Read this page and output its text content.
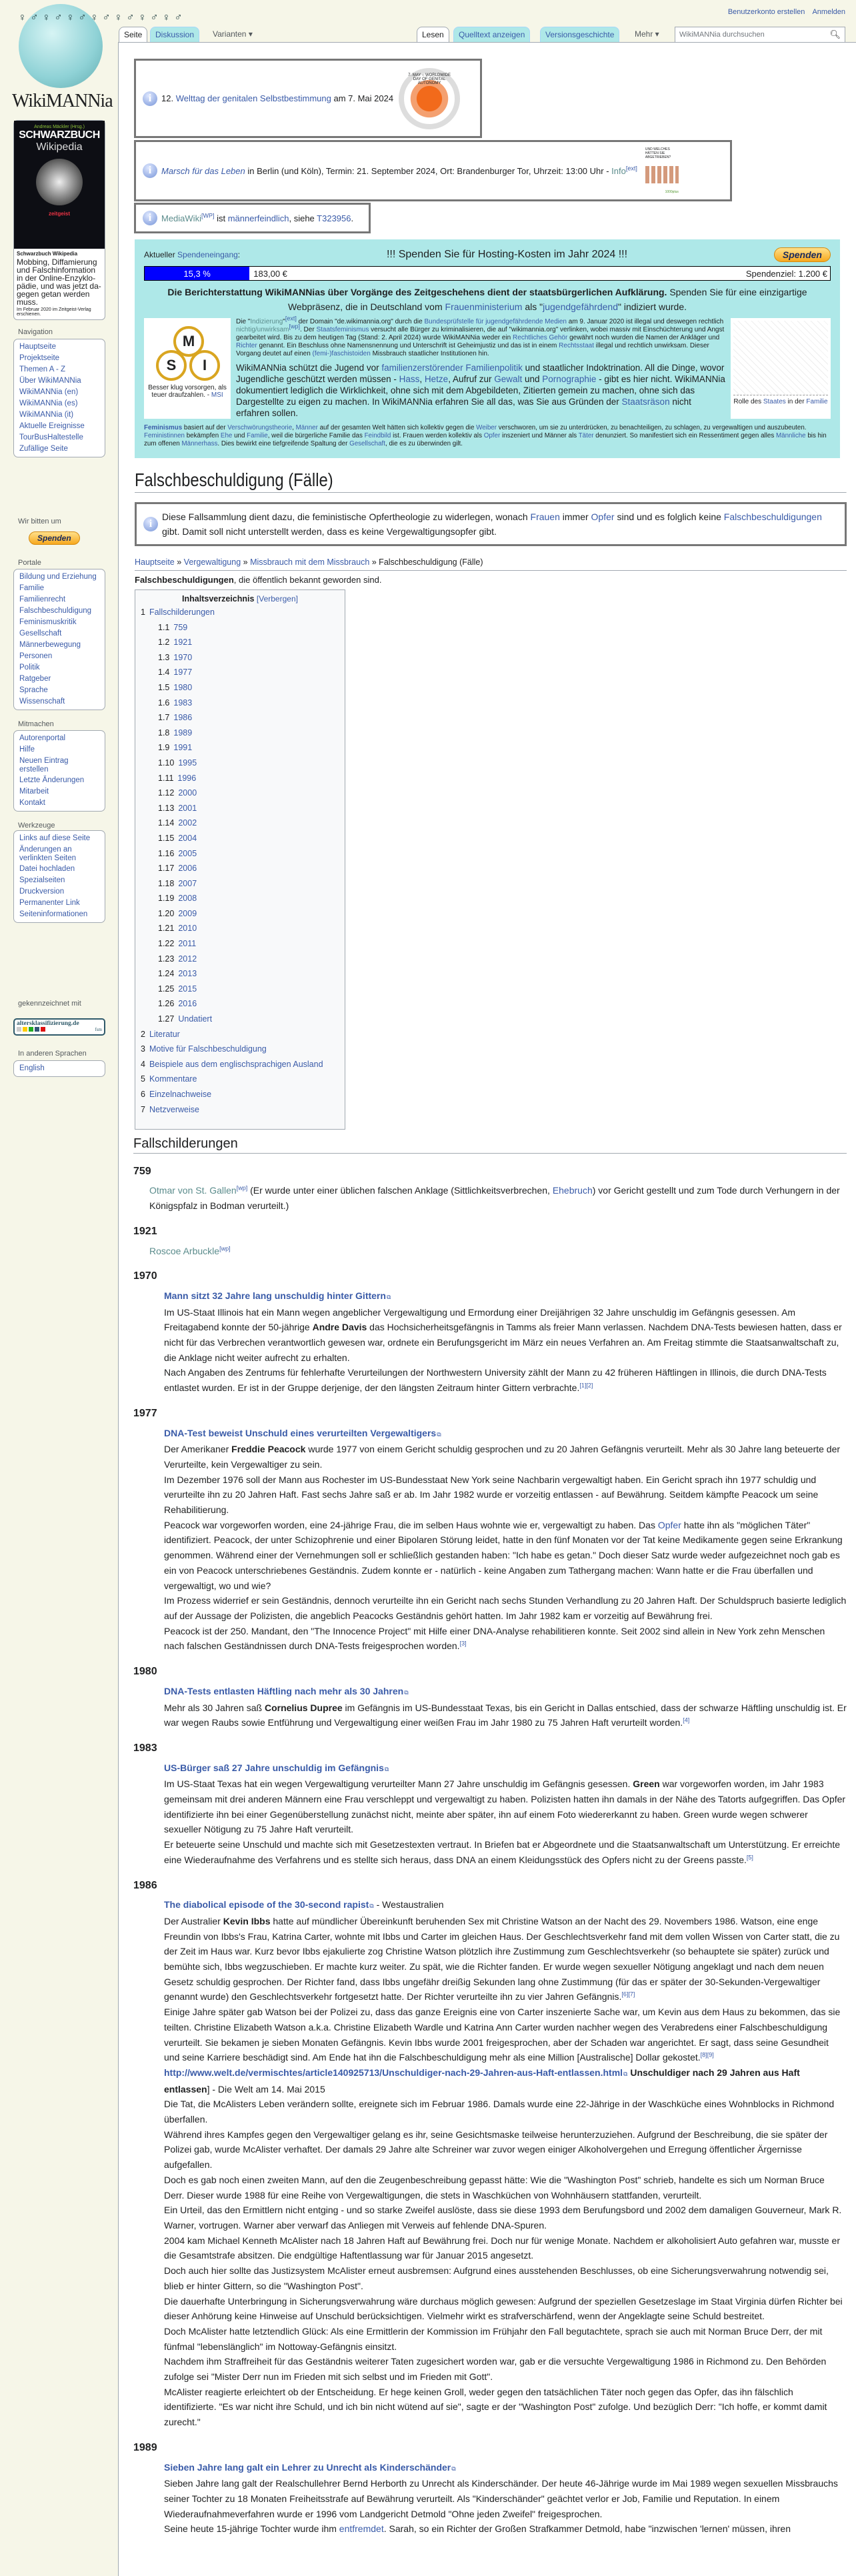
♀♂♀♂♀♂♀♂♀♂♀♂♀♂
WikiMANNia
Andreas Mäckler (Hrsg.)
SCHWARZBUCH
Wikipedia
zeitgeist
Schwarzbuch Wikipedia
Mobbing, Diffamierung und Falschinformation in der Online-Enzyklopädie, und was jetzt dagegen getan werden muss.
Im Februar 2020 im Zeitgeist-Verlag erschienen.
Navigation
Hauptseite
Projektseite
Themen A - Z
Über WikiMANNia
WikiMANNia (en)
WikiMANNia (es)
WikiMANNia (it)
Aktuelle Ereignisse
TourBusHaltestelle
Zufällige Seite
Wir bitten um
Spenden
Portale
Bildung und Erziehung
Familie
Familienrecht
Falschbeschuldigung
Feminismuskritik
Gesellschaft
Männerbewegung
Personen
Politik
Ratgeber
Sprache
Wissenschaft
Mitmachen
Autorenportal
Hilfe
Neuen Eintrag erstellen
Letzte Änderungen
Mitarbeit
Kontakt
Werkzeuge
Links auf diese Seite
Änderungen an verlinkten Seiten
Datei hochladen
Spezialseiten
Druckversion
Permanenter Link
Seiteninformationen
gekennzeichnet mit
altersklassifizierung.de
fsm
In anderen Sprachen
English
Benutzerkonto erstellen Anmelden
Seite	Diskussion	Varianten ▾	Lesen	Quelltext anzeigen	Versionsgeschichte	Mehr ▾	WikiMANNia durchsuchen	🔍︎
i	12. Welttag der genitalen Selbstbestimmung am 7. Mai 2024
7. MAY – WORLDWIDE DAY OF GENITAL AUTONOMY
i	Marsch für das Leben in Berlin (und Köln), Termin: 21. September 2024, Ort: Brandenburger Tor, Uhrzeit: 13:00 Uhr - Info[ext]
UND WELCHES HÄTTEN SIE ABGETRIEBEN?
1000plus
i	MediaWiki[WP] ist männerfeindlich, siehe T323956.
Aktueller Spendeneingang:	!!! Spenden Sie für Hosting-Kosten im Jahr 2024 !!!	Spenden
15,3 %	183,00 €	Spendenziel: 1.200 €
Die Berichterstattung WikiMANNias über Vorgänge des Zeitgeschehens dient der staatsbürgerlichen Aufklärung. Spenden Sie für eine einzigartige Webpräsenz, die in Deutschland vom Frauenministerium als "jugendgefährdend" indiziert wurde.
M
S	I
Besser klug vorsorgen, als teuer draufzahlen. - MSI
Die "Indizierung"[ext] der Domain "de.wikimannia.org" durch die Bundesprüfstelle für jugendgefährdende Medien am 9. Januar 2020 ist illegal und deswegen rechtlich nichtig/unwirksam[wp]. Der Staatsfeminismus versucht alle Bürger zu kriminalisieren, die auf "wikimannia.org" verlinken, wobei massiv mit Einschüchterung und Angst gearbeitet wird. Bis zu dem heutigen Tag (Stand: 2. April 2024) wurde WikiMANNia weder ein Rechtliches Gehör gewährt noch wurden die Namen der Ankläger und Richter genannt. Ein Beschluss ohne Namensnennung und Unterschrift ist Geheimjustiz und das ist in einem Rechtsstaat illegal und rechtlich unwirksam. Dieser Vorgang deutet auf einen (femi-)faschistoiden Missbrauch staatlicher Institutionen hin.
WikiMANNia schützt die Jugend vor familienzerstörender Familienpolitik und staatlicher Indoktrination. All die Dinge, wovor Jugendliche geschützt werden müssen - Hass, Hetze, Aufruf zur Gewalt und Pornographie - gibt es hier nicht. WikiMANNia dokumentiert lediglich die Wirklichkeit, ohne sich mit dem Abgebildeten, Zitierten gemein zu machen, ohne sich das Dargestellte zu eigen zu machen. In WikiMANNia erfahren Sie all das, was Sie aus Gründen der Staatsräson nicht erfahren sollen.
Rolle des Staates in der Familie
Feminismus basiert auf der Verschwörungstheorie, Männer auf der gesamten Welt hätten sich kollektiv gegen die Weiber verschworen, um sie zu unterdrücken, zu benachteiligen, zu schlagen, zu vergewaltigen und auszubeuten. Feministinnen bekämpfen Ehe und Familie, weil die bürgerliche Familie das Feindbild ist. Frauen werden kollektiv als Opfer inszeniert und Männer als Täter denunziert. So manifestiert sich ein Ressentiment gegen alles Männliche bis hin zum offenen Männerhass. Dies bewirkt eine tiefgreifende Spaltung der Gesellschaft, die es zu überwinden gilt.
Falschbeschuldigung (Fälle)
i
Diese Fallsammlung dient dazu, die feministische Opfertheologie zu widerlegen, wonach Frauen immer Opfer sind und es folglich keine Falschbeschuldigungen gibt. Damit soll nicht unterstellt werden, dass es keine Vergewaltigungsopfer gibt.
Hauptseite » Vergewaltigung » Missbrauch mit dem Missbrauch » Falschbeschuldigung (Fälle)
Falschbeschuldigungen, die öffentlich bekannt geworden sind.
Inhaltsverzeichnis [Verbergen]
1 Fallschilderungen
1.1 759
1.2 1921
1.3 1970
1.4 1977
1.5 1980
1.6 1983
1.7 1986
1.8 1989
1.9 1991
1.10 1995
1.11 1996
1.12 2000
1.13 2001
1.14 2002
1.15 2004
1.16 2005
1.17 2006
1.18 2007
1.19 2008
1.20 2009
1.21 2010
1.22 2011
1.23 2012
1.24 2013
1.25 2015
1.26 2016
1.27 Undatiert
2 Literatur
3 Motive für Falschbeschuldigung
4 Beispiele aus dem englischsprachigen Ausland
5 Kommentare
6 Einzelnachweise
7 Netzverweise
Fallschilderungen
759
Otmar von St. Gallen[wp] (Er wurde unter einer üblichen falschen Anklage (Sittlichkeitsverbrechen, Ehebruch) vor Gericht gestellt und zum Tode durch Verhungern in der Königspfalz in Bodman verurteilt.)
1921
Roscoe Arbuckle[wp]
1970
Mann sitzt 32 Jahre lang unschuldig hinter Gittern⧉
Im US-Staat Illinois hat ein Mann wegen angeblicher Vergewaltigung und Ermordung einer Dreijährigen 32 Jahre unschuldig im Gefängnis gesessen. Am Freitagabend konnte der 50-jährige Andre Davis das Hochsicherheitsgefängnis in Tamms als freier Mann verlassen. Nachdem DNA-Tests bewiesen hatten, dass er nicht für das Verbrechen verantwortlich gewesen war, ordnete ein Berufungsgericht im März ein neues Verfahren an. Am Freitag stimmte die Staatsanwaltschaft zu, die Anklage nicht weiter aufrecht zu erhalten.
Nach Angaben des Zentrums für fehlerhafte Verurteilungen der Northwestern University zählt der Mann zu 42 früheren Häftlingen in Illinois, die durch DNA-Tests entlastet wurden. Er ist in der Gruppe derjenige, der den längsten Zeitraum hinter Gittern verbrachte.[1][2]
1977
DNA-Test beweist Unschuld eines verurteilten Vergewaltigers⧉
Der Amerikaner Freddie Peacock wurde 1977 von einem Gericht schuldig gesprochen und zu 20 Jahren Gefängnis verurteilt. Mehr als 30 Jahre lang beteuerte der Verurteilte, kein Vergewaltiger zu sein.
Im Dezember 1976 soll der Mann aus Rochester im US-Bundesstaat New York seine Nachbarin vergewaltigt haben. Ein Gericht sprach ihn 1977 schuldig und verurteilte ihn zu 20 Jahren Haft. Fast sechs Jahre saß er ab. Im Jahr 1982 wurde er vorzeitig entlassen - auf Bewährung. Seitdem kämpfte Peacock um seine Rehabilitierung.
Peacock war vorgeworfen worden, eine 24-jährige Frau, die im selben Haus wohnte wie er, vergewaltigt zu haben. Das Opfer hatte ihn als "möglichen Täter" identifiziert. Peacock, der unter Schizophrenie und einer Bipolaren Störung leidet, hatte in den fünf Monaten vor der Tat keine Medikamente gegen seine Erkrankung genommen. Während einer der Vernehmungen soll er schließlich gestanden haben: "Ich habe es getan." Doch dieser Satz wurde weder aufgezeichnet noch gab es ein von Peacock unterschriebenes Geständnis. Zudem konnte er - natürlich - keine Angaben zum Tathergang machen: Wann hatte er die Frau überfallen und vergewaltigt, wo und wie?
Im Prozess widerrief er sein Geständnis, dennoch verurteilte ihn ein Gericht nach sechs Stunden Verhandlung zu 20 Jahren Haft. Der Schuldspruch basierte lediglich auf der Aussage der Polizisten, die angeblich Peacocks Geständnis gehört hatten. Im Jahr 1982 kam er vorzeitig auf Bewährung frei.
Peacock ist der 250. Mandant, den "The Innocence Project" mit Hilfe einer DNA-Analyse rehabilitieren konnte. Seit 2002 sind allein in New York zehn Menschen nach falschen Geständnissen durch DNA-Tests freigesprochen worden.[3]
1980
DNA-Tests entlasten Häftling nach mehr als 30 Jahren⧉
Mehr als 30 Jahren saß Cornelius Dupree im Gefängnis im US-Bundesstaat Texas, bis ein Gericht in Dallas entschied, dass der schwarze Häftling unschuldig ist. Er war wegen Raubs sowie Entführung und Vergewaltigung einer weißen Frau im Jahr 1980 zu 75 Jahren Haft verurteilt worden.[4]
1983
US-Bürger saß 27 Jahre unschuldig im Gefängnis⧉
Im US-Staat Texas hat ein wegen Vergewaltigung verurteilter Mann 27 Jahre unschuldig im Gefängnis gesessen. Green war vorgeworfen worden, im Jahr 1983 gemeinsam mit drei anderen Männern eine Frau verschleppt und vergewaltigt zu haben. Polizisten hatten ihn damals in der Nähe des Tatorts aufgegriffen. Das Opfer identifizierte ihn bei einer Gegenüberstellung zunächst nicht, meinte aber später, ihn auf einem Foto wiedererkannt zu haben. Green wurde wegen schwerer sexueller Nötigung zu 75 Jahre Haft verurteilt.
Er beteuerte seine Unschuld und machte sich mit Gesetzestexten vertraut. In Briefen bat er Abgeordnete und die Staatsanwaltschaft um Unterstützung. Er erreichte eine Wiederaufnahme des Verfahrens und es stellte sich heraus, dass DNA an einem Kleidungsstück des Opfers nicht zu der Greens passte.[5]
1986
The diabolical episode of the 30-second rapist⧉ - Westaustralien
Der Australier Kevin Ibbs hatte auf mündlicher Übereinkunft beruhenden Sex mit Christine Watson an der Nacht des 29. Novembers 1986. Watson, eine enge Freundin von Ibbs's Frau, Katrina Carter, wohnte mit Ibbs und Carter im gleichen Haus. Der Geschlechtsverkehr fand mit dem vollen Wissen von Carter statt, die zu der Zeit im Haus war. Kurz bevor Ibbs ejakulierte zog Christine Watson plötzlich ihre Zustimmung zum Geschlechtsverkehr (so behauptete sie später) zurück und bemühte sich, Ibbs wegzuschieben. Er machte kurz weiter. Zu spät, wie die Richter fanden. Er wurde wegen sexueller Nötigung angeklagt und nach dem neuen Gesetz schuldig gesprochen. Der Richter fand, dass Ibbs ungefähr dreißig Sekunden lang ohne Zustimmung (für das er später der 30-Sekunden-Vergewaltiger genannt wurde) den Geschlechtsverkehr fortgesetzt hatte. Der Richter verurteilte ihn zu vier Jahren Gefängnis.[6][7]
Einige Jahre später gab Watson bei der Polizei zu, dass das ganze Ereignis eine von Carter inszenierte Sache war, um Kevin aus dem Haus zu bekommen, das sie teilten. Christine Elizabeth Watson a.k.a. Christine Elizabeth Wardle und Katrina Ann Carter wurden nachher wegen des Verabredens einer Falschbeschuldigung verurteilt. Sie bekamen je sieben Monaten Gefängnis. Kevin Ibbs wurde 2001 freigesprochen, aber der Schaden war angerichtet. Er sagt, dass seine Gesundheit und seine Karriere beschädigt sind. Am Ende hat ihn die Falschbeschuldigung mehr als eine Million [Australische] Dollar gekostet.[8][9]
http://www.welt.de/vermischtes/article140925713/Unschuldiger-nach-29-Jahren-aus-Haft-entlassen.html⧉ Unschuldiger nach 29 Jahren aus Haft entlassen] - Die Welt am 14. Mai 2015
Die Tat, die McAlisters Leben verändern sollte, ereignete sich im Februar 1986. Damals wurde eine 22-Jährige in der Waschküche eines Wohnblocks in Richmond überfallen.
Während ihres Kampfes gegen den Vergewaltiger gelang es ihr, seine Gesichtsmaske teilweise herunterzuziehen. Aufgrund der Beschreibung, die sie später der Polizei gab, wurde McAlister verhaftet. Der damals 29 Jahre alte Schreiner war zuvor wegen einiger Alkoholvergehen und Erregung öffentlicher Ärgernisse aufgefallen.
Doch es gab noch einen zweiten Mann, auf den die Zeugenbeschreibung gepasst hätte: Wie die "Washington Post" schrieb, handelte es sich um Norman Bruce Derr. Dieser wurde 1988 für eine Reihe von Vergewaltigungen, die stets in Waschküchen von Wohnhäusern stattfanden, verurteilt.
Ein Urteil, das den Ermittlern nicht entging - und so starke Zweifel auslöste, dass sie diese 1993 dem Berufungsbord und 2002 dem damaligen Gouverneur, Mark R. Warner, vortrugen. Warner aber verwarf das Anliegen mit Verweis auf fehlende DNA-Spuren.
2004 kam Michael Kenneth McAlister nach 18 Jahren Haft auf Bewährung frei. Doch nur für wenige Monate. Nachdem er alkoholisiert Auto gefahren war, musste er die Gesamtstrafe absitzen. Die endgültige Haftentlassung war für Januar 2015 angesetzt.
Doch auch hier sollte das Justizsystem McAlister erneut ausbremsen: Aufgrund eines ausstehenden Beschlusses, ob eine Sicherungsverwahrung notwendig sei, blieb er hinter Gittern, so die "Washington Post".
Die dauerhafte Unterbringung in Sicherungsverwahrung wäre durchaus möglich gewesen: Aufgrund der speziellen Gesetzeslage im Staat Virginia dürfen Richter bei dieser Anhörung keine Hinweise auf Unschuld berücksichtigen. Vielmehr wirkt es strafverschärfend, wenn der Angeklagte seine Schuld bestreitet.
Doch McAlister hatte letztendlich Glück: Als eine Ermittlerin der Kommission im Frühjahr den Fall begutachtete, sprach sie auch mit Norman Bruce Derr, der mit fünfmal "lebenslänglich" im Nottoway-Gefängnis einsitzt.
Nachdem ihm Straffreiheit für das Geständnis weiterer Taten zugesichert worden war, gab er die versuchte Vergewaltigung 1986 in Richmond zu. Den Behörden zufolge sei "Mister Derr nun im Frieden mit sich selbst und im Frieden mit Gott".
McAlister reagierte erleichtert ob der Entscheidung. Er hege keinen Groll, weder gegen den tatsächlichen Täter noch gegen das Opfer, das ihn fälschlich identifizierte. "Es war nicht ihre Schuld, und ich bin nicht wütend auf sie", sagte er der "Washington Post" zufolge. Und bezüglich Derr: "Ich hoffe, er kommt damit zurecht."
1989
Sieben Jahre lang galt ein Lehrer zu Unrecht als Kinderschänder⧉
Sieben Jahre lang galt der Realschullehrer Bernd Herborth zu Unrecht als Kinderschänder. Der heute 46-Jährige wurde im Mai 1989 wegen sexuellen Missbrauchs seiner Tochter zu 18 Monaten Freiheitsstrafe auf Bewährung verurteilt. Als "Kinderschänder" geächtet verlor er Job, Familie und Reputation. In einem Wiederaufnahmeverfahren wurde er 1996 vom Landgericht Detmold "Ohne jeden Zweifel" freigesprochen.
Seine heute 15-jährige Tochter wurde ihm entfremdet. Sarah, so ein Richter der Großen Strafkammer Detmold, habe "inzwischen 'lernen' müssen, ihren
